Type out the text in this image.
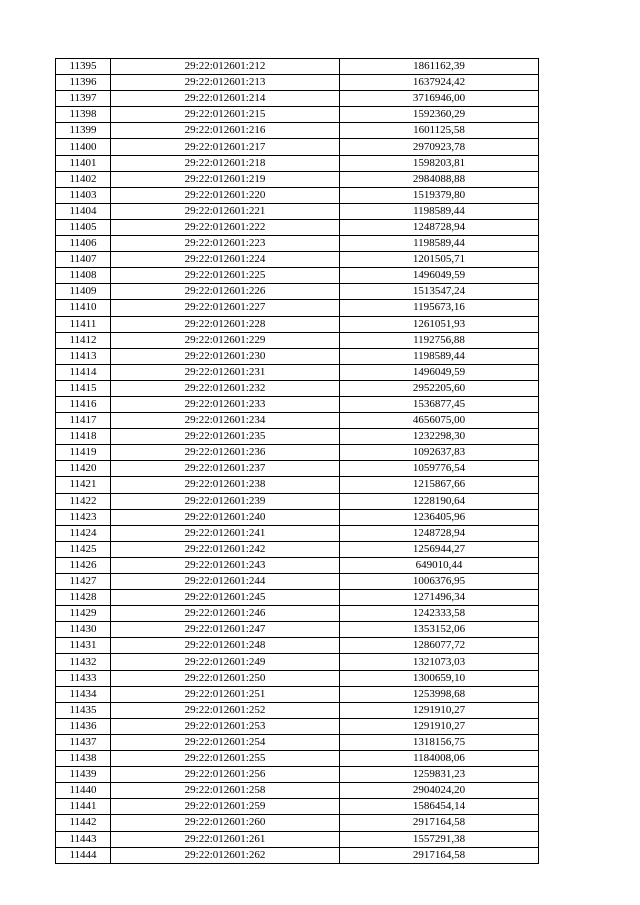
11395	29:22:012601:212	1861162,39
11396	29:22:012601:213	1637924,42
11397	29:22:012601:214	3716946,00
11398	29:22:012601:215	1592360,29
11399	29:22:012601:216	1601125,58
11400	29:22:012601:217	2970923,78
11401	29:22:012601:218	1598203,81
11402	29:22:012601:219	2984088,88
11403	29:22:012601:220	1519379,80
11404	29:22:012601:221	1198589,44
11405	29:22:012601:222	1248728,94
11406	29:22:012601:223	1198589,44
11407	29:22:012601:224	1201505,71
11408	29:22:012601:225	1496049,59
11409	29:22:012601:226	1513547,24
11410	29:22:012601:227	1195673,16
11411	29:22:012601:228	1261051,93
11412	29:22:012601:229	1192756,88
11413	29:22:012601:230	1198589,44
11414	29:22:012601:231	1496049,59
11415	29:22:012601:232	2952205,60
11416	29:22:012601:233	1536877,45
11417	29:22:012601:234	4656075,00
11418	29:22:012601:235	1232298,30
11419	29:22:012601:236	1092637,83
11420	29:22:012601:237	1059776,54
11421	29:22:012601:238	1215867,66
11422	29:22:012601:239	1228190,64
11423	29:22:012601:240	1236405,96
11424	29:22:012601:241	1248728,94
11425	29:22:012601:242	1256944,27
11426	29:22:012601:243	649010,44
11427	29:22:012601:244	1006376,95
11428	29:22:012601:245	1271496,34
11429	29:22:012601:246	1242333,58
11430	29:22:012601:247	1353152,06
11431	29:22:012601:248	1286077,72
11432	29:22:012601:249	1321073,03
11433	29:22:012601:250	1300659,10
11434	29:22:012601:251	1253998,68
11435	29:22:012601:252	1291910,27
11436	29:22:012601:253	1291910,27
11437	29:22:012601:254	1318156,75
11438	29:22:012601:255	1184008,06
11439	29:22:012601:256	1259831,23
11440	29:22:012601:258	2904024,20
11441	29:22:012601:259	1586454,14
11442	29:22:012601:260	2917164,58
11443	29:22:012601:261	1557291,38
11444	29:22:012601:262	2917164,58
